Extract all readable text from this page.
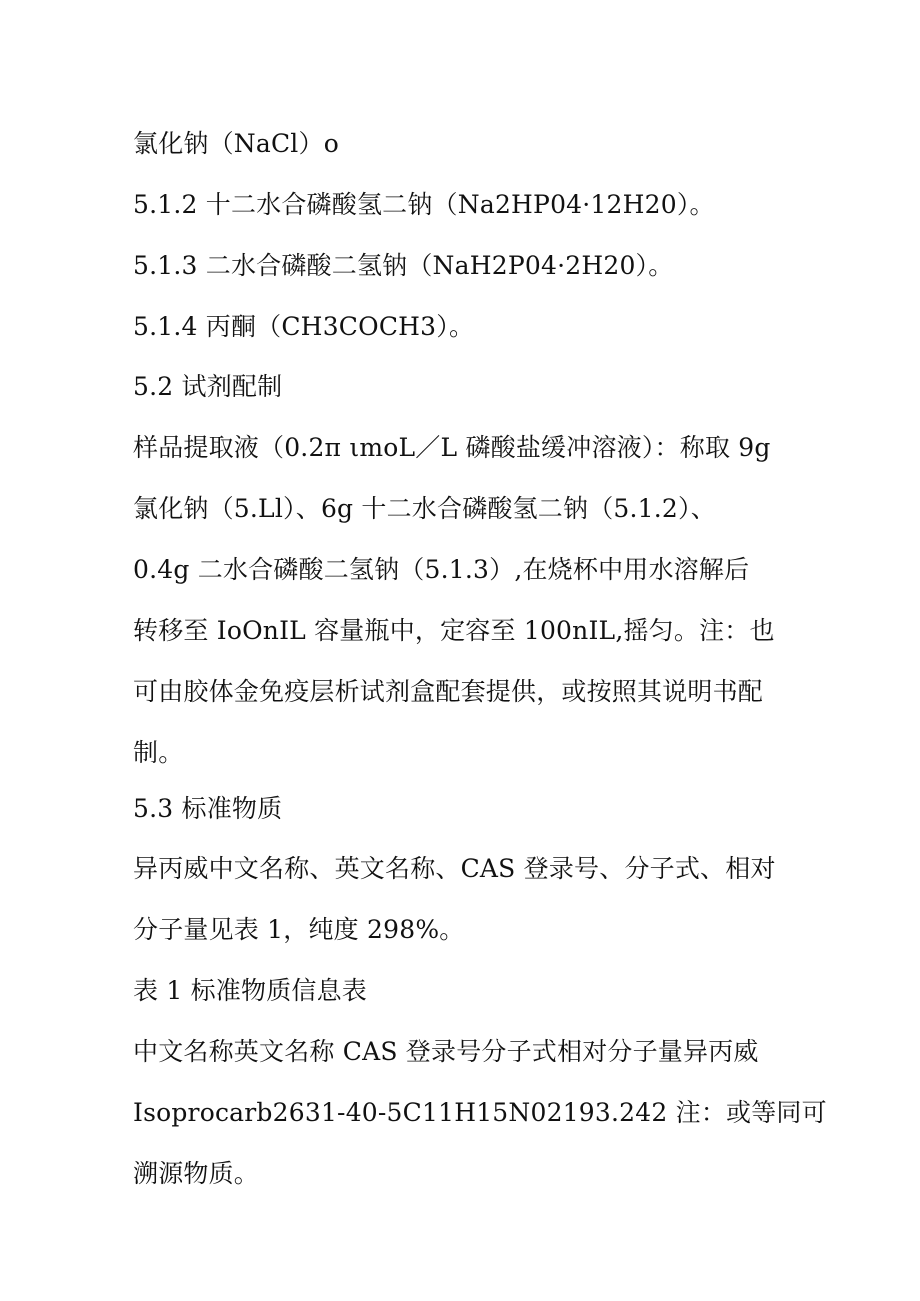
氯化钠（NaCl）o
5.1.2 十二水合磷酸氢二钠（Na2HP04·12H20）。
5.1.3 二水合磷酸二氢钠（NaH2P04·2H20）。
5.1.4 丙酮（CH3COCH3）。
5.2 试剂配制
样品提取液（0.2π ιmoL／L 磷酸盐缓冲溶液）：称取 9g
氯化钠（5.Ll）、6g 十二水合磷酸氢二钠（5.1.2）、
0.4g 二水合磷酸二氢钠（5.1.3）,在烧杯中用水溶解后
转移至 IoOnIL 容量瓶中，定容至 100nIL,摇匀。注：也
可由胶体金免疫层析试剂盒配套提供，或按照其说明书配
制。
5.3 标准物质
异丙威中文名称、英文名称、CAS 登录号、分子式、相对
分子量见表 1，纯度 298%。
表 1 标准物质信息表
中文名称英文名称 CAS 登录号分子式相对分子量异丙威
Isoprocarb2631-40-5C11H15N02193.242 注：或等同可
溯源物质。
